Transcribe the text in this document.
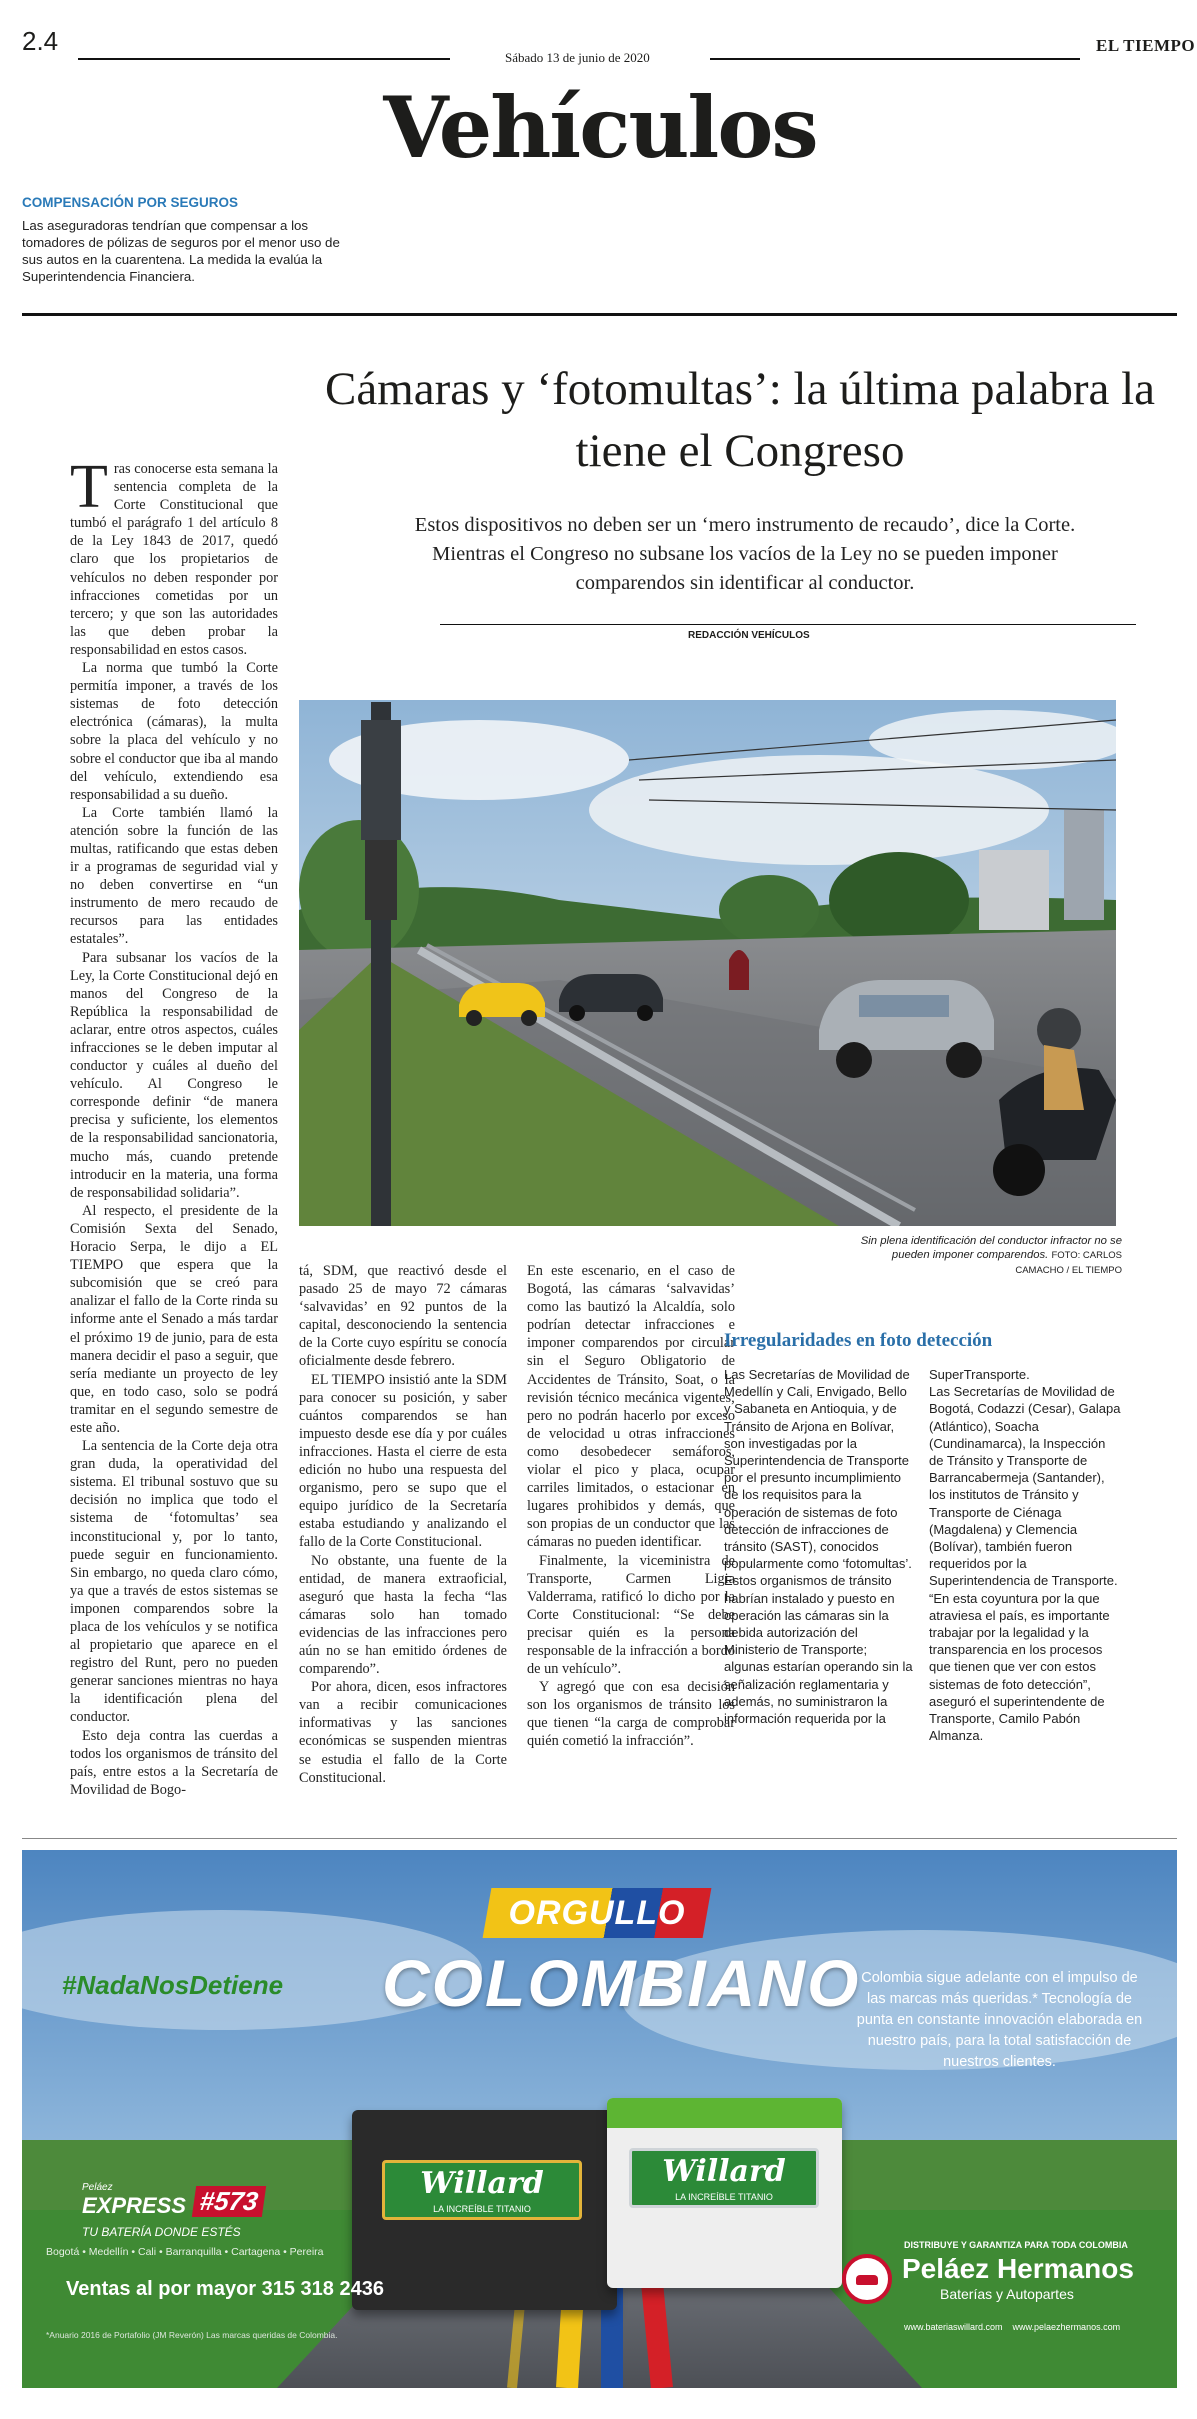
2.4
Sábado 13 de junio de 2020
EL TIEMPO
Vehículos
COMPENSACIÓN POR SEGUROS
Las aseguradoras tendrían que compensar a los tomadores de pólizas de seguros por el menor uso de sus autos en la cuarentena. La medida la evalúa la Superintendencia Financiera.
Cámaras y ‘fotomultas’: la última palabra la tiene el Congreso
Estos dispositivos no deben ser un ‘mero instrumento de recaudo’, dice la Corte. Mientras el Congreso no subsane los vacíos de la Ley no se pueden imponer comparendos sin identificar al conductor.
REDACCIÓN VEHÍCULOS

Tras conocerse esta semana la sentencia completa de la Corte Constitucional que tumbó el parágrafo 1 del artículo 8 de la Ley 1843 de 2017, quedó claro que los propietarios de vehículos no deben responder por infracciones cometidas por un tercero; y que son las autoridades las que deben probar la responsabilidad en estos casos.

La norma que tumbó la Corte permitía imponer, a través de los sistemas de foto detección electrónica (cámaras), la multa sobre la placa del vehículo y no sobre el conductor que iba al mando del vehículo, extendiendo esa responsabilidad a su dueño.

La Corte también llamó la atención sobre la función de las multas, ratificando que estas deben ir a programas de seguridad vial y no deben convertirse en “un instrumento de mero recaudo de recursos para las entidades estatales”.

Para subsanar los vacíos de la Ley, la Corte Constitucional dejó en manos del Congreso de la República la responsabilidad de aclarar, entre otros aspectos, cuáles infracciones se le deben imputar al conductor y cuáles al dueño del vehículo. Al Congreso le corresponde definir “de manera precisa y suficiente, los elementos de la responsabilidad sancionatoria, mucho más, cuando pretende introducir en la materia, una forma de responsabilidad solidaria”.

Al respecto, el presidente de la Comisión Sexta del Senado, Horacio Serpa, le dijo a EL TIEMPO que espera que la subcomisión que se creó para analizar el fallo de la Corte rinda su informe ante el Senado a más tardar el próximo 19 de junio, para de esta manera decidir el paso a seguir, que sería mediante un proyecto de ley que, en todo caso, solo se podrá tramitar en el segundo semestre de este año.

La sentencia de la Corte deja otra gran duda, la operatividad del sistema. El tribunal sostuvo que su decisión no implica que todo el sistema de ‘fotomultas’ sea inconstitucional y, por lo tanto, puede seguir en funcionamiento. Sin embargo, no queda claro cómo, ya que a través de estos sistemas se imponen comparendos sobre la placa de los vehículos y se notifica al propietario que aparece en el registro del Runt, pero no pueden generar sanciones mientras no haya la identificación plena del conductor.

Esto deja contra las cuerdas a todos los organismos de tránsito del país, entre estos a la Secretaría de Movilidad de Bogo-

Sin plena identificación del conductor infractor no se pueden imponer comparendos. FOTO: CARLOS CAMACHO / EL TIEMPO

tá, SDM, que reactivó desde el pasado 25 de mayo 72 cámaras ‘salvavidas’ en 92 puntos de la capital, desconociendo la sentencia de la Corte cuyo espíritu se conocía oficialmente desde febrero.

EL TIEMPO insistió ante la SDM para conocer su posición, y saber cuántos comparendos se han impuesto desde ese día y por cuáles infracciones. Hasta el cierre de esta edición no hubo una respuesta del organismo, pero se supo que el equipo jurídico de la Secretaría estaba estudiando y analizando el fallo de la Corte Constitucional.

No obstante, una fuente de la entidad, de manera extraoficial, aseguró que hasta la fecha “las cámaras solo han tomado evidencias de las infracciones pero aún no se han emitido órdenes de comparendo”.

Por ahora, dicen, esos infractores van a recibir comunicaciones informativas y las sanciones económicas se suspenden mientras se estudia el fallo de la Corte Constitucional.

En este escenario, en el caso de Bogotá, las cámaras ‘salvavidas’ como las bautizó la Alcaldía, solo podrían detectar infracciones e imponer comparendos por circular sin el Seguro Obligatorio de Accidentes de Tránsito, Soat, o la revisión técnico mecánica vigentes; pero no podrán hacerlo por exceso de velocidad u otras infracciones como desobedecer semáforos, violar el pico y placa, ocupar carriles limitados, o estacionar en lugares prohibidos y demás, que son propias de un conductor que las cámaras no pueden identificar.

Finalmente, la viceministra de Transporte, Carmen Ligia Valderrama, ratificó lo dicho por la Corte Constitucional: “Se debe precisar quién es la persona responsable de la infracción a bordo de un vehículo”.

Y agregó que con esa decisión son los organismos de tránsito los que tienen “la carga de comprobar quién cometió la infracción”.

Irregularidades en foto detección

Las Secretarías de Movilidad de Medellín y Cali, Envigado, Bello y Sabaneta en Antioquia, y de Tránsito de Arjona en Bolívar, son investigadas por la Superintendencia de Transporte por el presunto incumplimiento de los requisitos para la operación de sistemas de foto detección de infracciones de tránsito (SAST), conocidos popularmente como ‘fotomultas’.

Estos organismos de tránsito habrían instalado y puesto en operación las cámaras sin la debida autorización del Ministerio de Transporte; algunas estarían operando sin la señalización reglamentaria y además, no suministraron la información requerida por la

SuperTransporte.

Las Secretarías de Movilidad de Bogotá, Codazzi (Cesar), Galapa (Atlántico), Soacha (Cundinamarca), la Inspección de Tránsito y Transporte de Barrancabermeja (Santander), los institutos de Tránsito y Transporte de Ciénaga (Magdalena) y Clemencia (Bolívar), también fueron requeridos por la Superintendencia de Transporte.

“En esta coyuntura por la que atraviesa el país, es importante trabajar por la legalidad y la transparencia en los procesos que tienen que ver con estos sistemas de foto detección”, aseguró el superintendente de Transporte, Camilo Pabón Almanza.

ORGULLO
COLOMBIANO
#NadaNosDetiene	Colombia sigue adelante con el impulso de las marcas más queridas.* Tecnología de punta en constante innovación elaborada en nuestro país, para la total satisfacción de nuestros clientes.
Willard
LA INCREÍBLE TITANIO
Willard
LA INCREÍBLE TITANIO
Peláez
EXPRESS #573
TU BATERÍA DONDE ESTÉS
Bogotá • Medellín • Cali • Barranquilla • Cartagena • Pereira
Ventas al por mayor 315 318 2436
*Anuario 2016 de Portafolio (JM Reverón) Las marcas queridas de Colombia.
DISTRIBUYE Y GARANTIZA PARA TODA COLOMBIA
Peláez Hermanos
Baterías y Autopartes
www.bateriaswillard.com    www.pelaezhermanos.com
